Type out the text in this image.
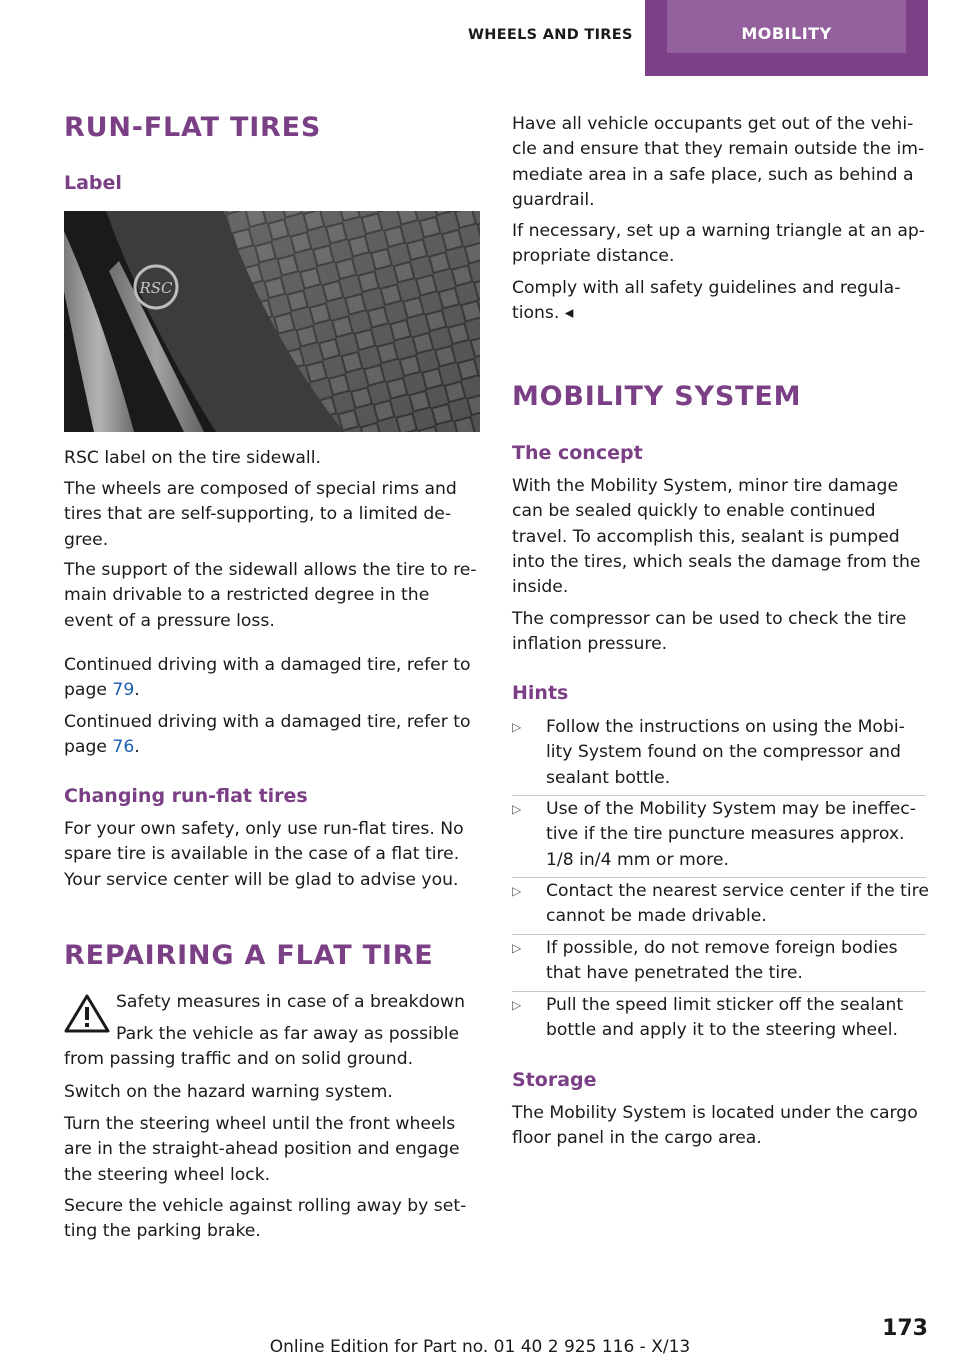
WHEELS AND TIRES	MOBILITY
RUN-FLAT TIRES
Label
RSC
RSC label on the tire sidewall.
The wheels are composed of special rims and
tires that are self-supporting, to a limited de-
gree.
The support of the sidewall allows the tire to re-
main drivable to a restricted degree in the
event of a pressure loss.
Continued driving with a damaged tire, refer to
page 79.
Continued driving with a damaged tire, refer to
page 76.
Changing run-flat tires
For your own safety, only use run-flat tires. No
spare tire is available in the case of a flat tire.
Your service center will be glad to advise you.
REPAIRING A FLAT TIRE
Safety measures in case of a breakdown
Park the vehicle as far away as possible
from passing traffic and on solid ground.
Switch on the hazard warning system.
Turn the steering wheel until the front wheels
are in the straight-ahead position and engage
the steering wheel lock.
Secure the vehicle against rolling away by set-
ting the parking brake.
Have all vehicle occupants get out of the vehi-
cle and ensure that they remain outside the im-
mediate area in a safe place, such as behind a
guardrail.
If necessary, set up a warning triangle at an ap-
propriate distance.
Comply with all safety guidelines and regula-
tions. ◂
MOBILITY SYSTEM
The concept
With the Mobility System, minor tire damage
can be sealed quickly to enable continued
travel. To accomplish this, sealant is pumped
into the tires, which seals the damage from the
inside.
The compressor can be used to check the tire
inflation pressure.
Hints
▷ Follow the instructions on using the Mobi-
lity System found on the compressor and
sealant bottle.
▷ Use of the Mobility System may be ineffec-
tive if the tire puncture measures approx.
1/8 in/4 mm or more.
▷ Contact the nearest service center if the tire
cannot be made drivable.
▷ If possible, do not remove foreign bodies
that have penetrated the tire.
▷ Pull the speed limit sticker off the sealant
bottle and apply it to the steering wheel.
Storage
The Mobility System is located under the cargo
floor panel in the cargo area.
173
Online Edition for Part no. 01 40 2 925 116 - X/13
